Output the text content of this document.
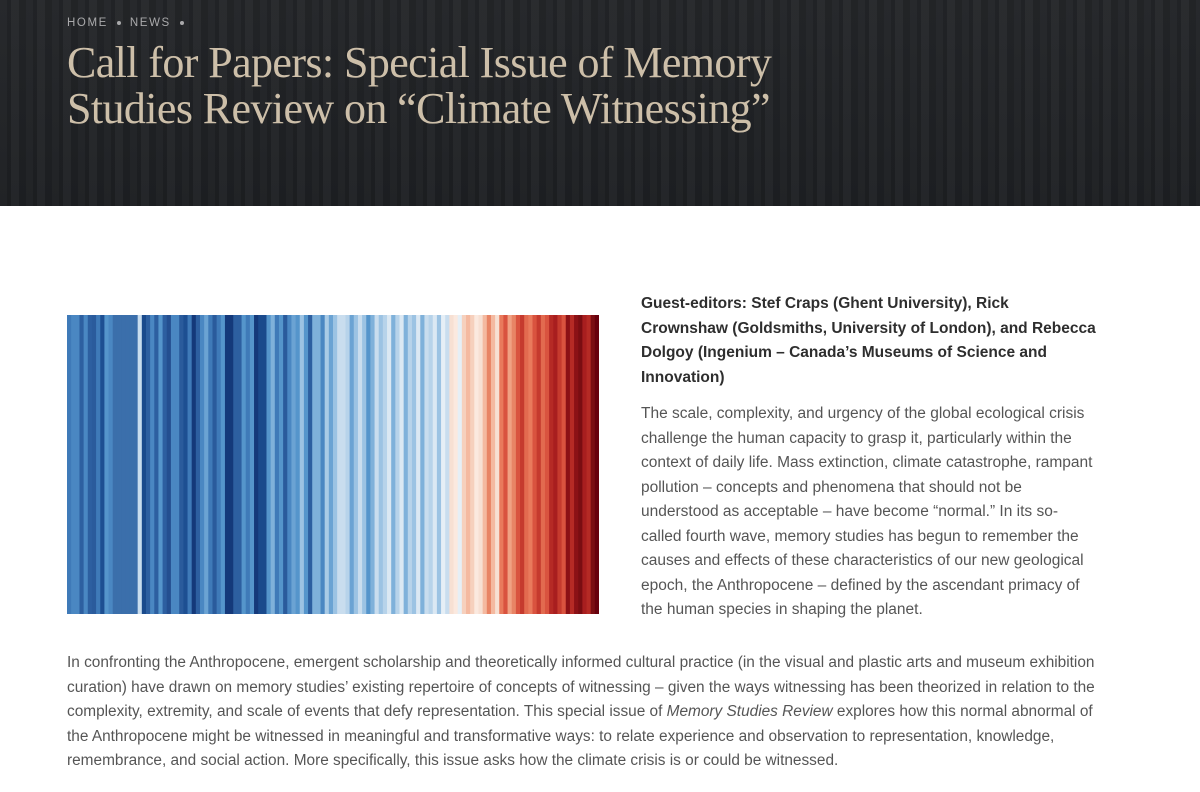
HOME NEWS
Call for Papers: Special Issue of Memory Studies Review on “Climate Witnessing”

Guest-editors: Stef Craps (Ghent University), Rick Crownshaw (Goldsmiths, University of London), and Rebecca Dolgoy (Ingenium – Canada’s Museums of Science and Innovation)

The scale, complexity, and urgency of the global ecological crisis challenge the human capacity to grasp it, particularly within the context of daily life. Mass extinction, climate catastrophe, rampant pollution – concepts and phenomena that should not be understood as acceptable – have become “normal.” In its so-called fourth wave, memory studies has begun to remember the causes and effects of these characteristics of our new geological epoch, the Anthropocene – defined by the ascendant primacy of the human species in shaping the planet.

In confronting the Anthropocene, emergent scholarship and theoretically informed cultural practice (in the visual and plastic arts and museum exhibition curation) have drawn on memory studies’ existing repertoire of concepts of witnessing – given the ways witnessing has been theorized in relation to the complexity, extremity, and scale of events that defy representation. This special issue of Memory Studies Review explores how this normal abnormal of the Anthropocene might be witnessed in meaningful and transformative ways: to relate experience and observation to representation, knowledge, remembrance, and social action. More specifically, this issue asks how the climate crisis is or could be witnessed.
